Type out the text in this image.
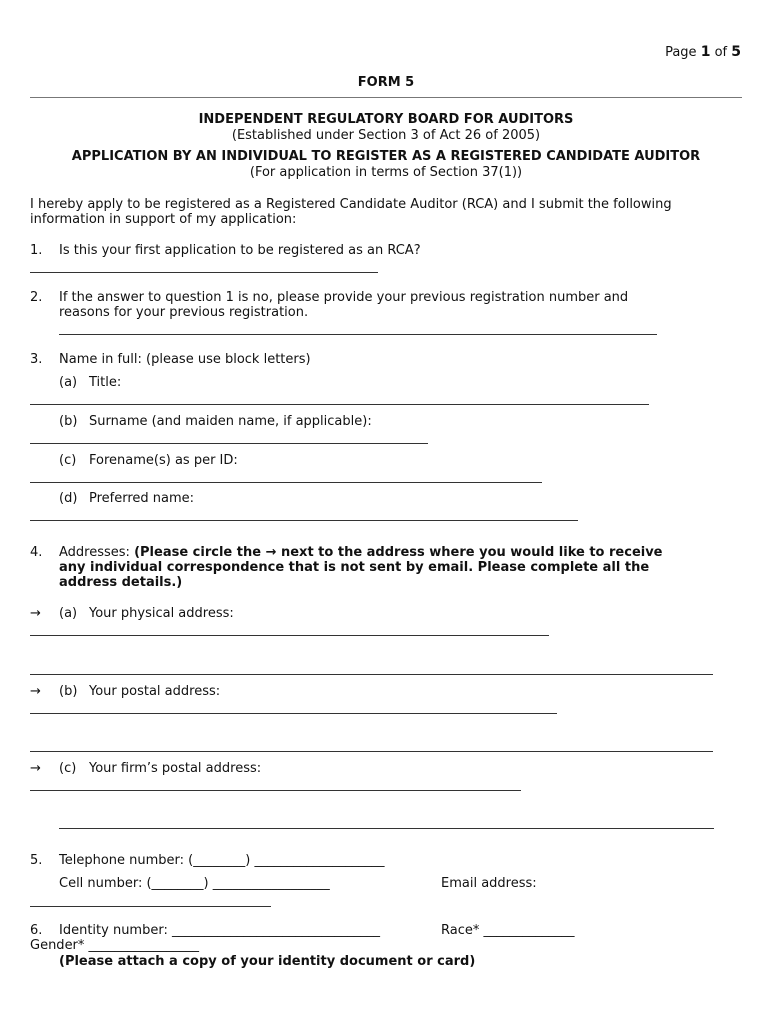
Page 1 of 5
FORM 5
INDEPENDENT REGULATORY BOARD FOR AUDITORS
(Established under Section 3 of Act 26 of 2005)
APPLICATION BY AN INDIVIDUAL TO REGISTER AS A REGISTERED CANDIDATE AUDITOR
(For application in terms of Section 37(1))
I hereby apply to be registered as a Registered Candidate Auditor (RCA) and I submit the following
information in support of my application:
1. Is this your first application to be registered as an RCA?
2. If the answer to question 1 is no, please provide your previous registration number and
reasons for your previous registration.
3. Name in full: (please use block letters)
(a) Title:
(b) Surname (and maiden name, if applicable):
(c) Forename(s) as per ID:
(d) Preferred name:
4. Addresses: (Please circle the → next to the address where you would like to receive
any individual correspondence that is not sent by email. Please complete all the
address details.)
→ (a) Your physical address:
→ (b) Your postal address:
→ (c) Your firm’s postal address:
5. Telephone number: (________) ____________________
Cell number: (________) __________________	Email address:
6. Identity number: ________________________________	Race* ______________
Gender* _________________
(Please attach a copy of your identity document or card)
